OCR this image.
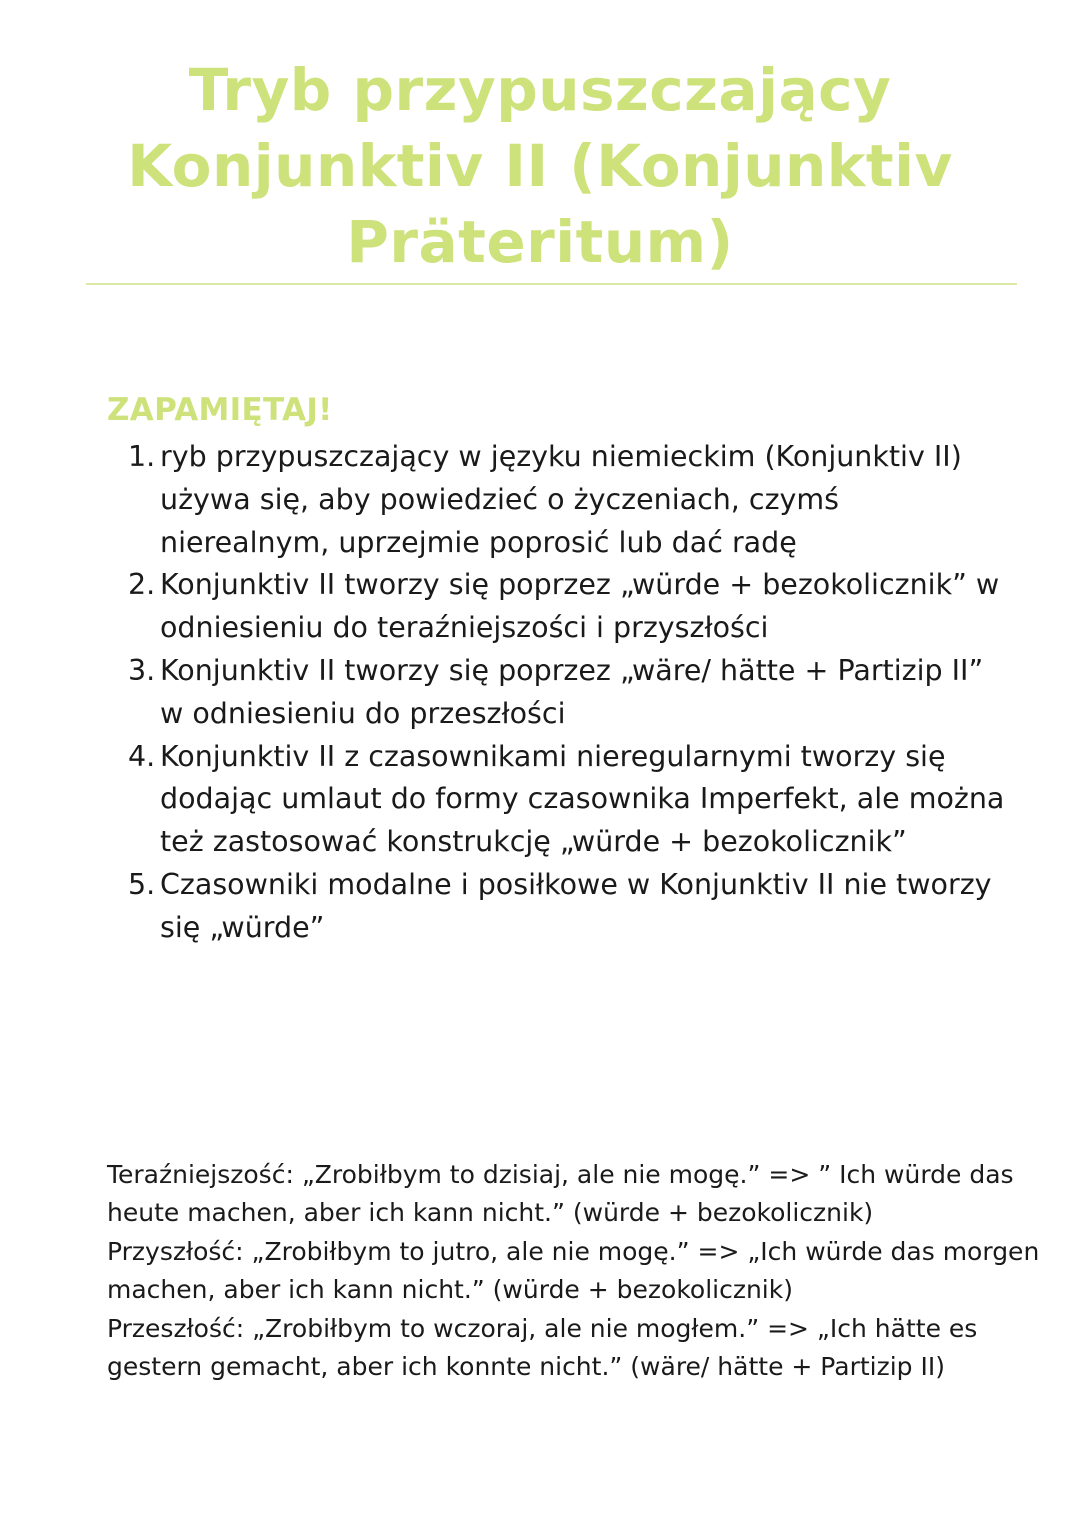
Tryb przypuszczający
Konjunktiv II (Konjunktiv
Präteritum)
ZAPAMIĘTAJ!
1. ryb przypuszczający w języku niemieckim (Konjunktiv II) używa się, aby powiedzieć o życzeniach, czymś nierealnym, uprzejmie poprosić lub dać radę
2. Konjunktiv II tworzy się poprzez „würde + bezokolicznik” w odniesieniu do teraźniejszości i przyszłości
3. Konjunktiv II tworzy się poprzez „wäre/ hätte + Partizip II” w odniesieniu do przeszłości
4. Konjunktiv II z czasownikami nieregularnymi tworzy się dodając umlaut do formy czasownika Imperfekt, ale można też zastosować konstrukcję „würde + bezokolicznik”
5. Czasowniki modalne i posiłkowe w Konjunktiv II nie tworzy się „würde”

Teraźniejszość: „Zrobiłbym to dzisiaj, ale nie mogę.” => ” Ich würde das heute machen, aber ich kann nicht.” (würde + bezokolicznik)

Przyszłość: „Zrobiłbym to jutro, ale nie mogę.” => „Ich würde das morgen machen, aber ich kann nicht.” (würde + bezokolicznik)

Przeszłość: „Zrobiłbym to wczoraj, ale nie mogłem.” => „Ich hätte es gestern gemacht, aber ich konnte nicht.” (wäre/ hätte + Partizip II)
